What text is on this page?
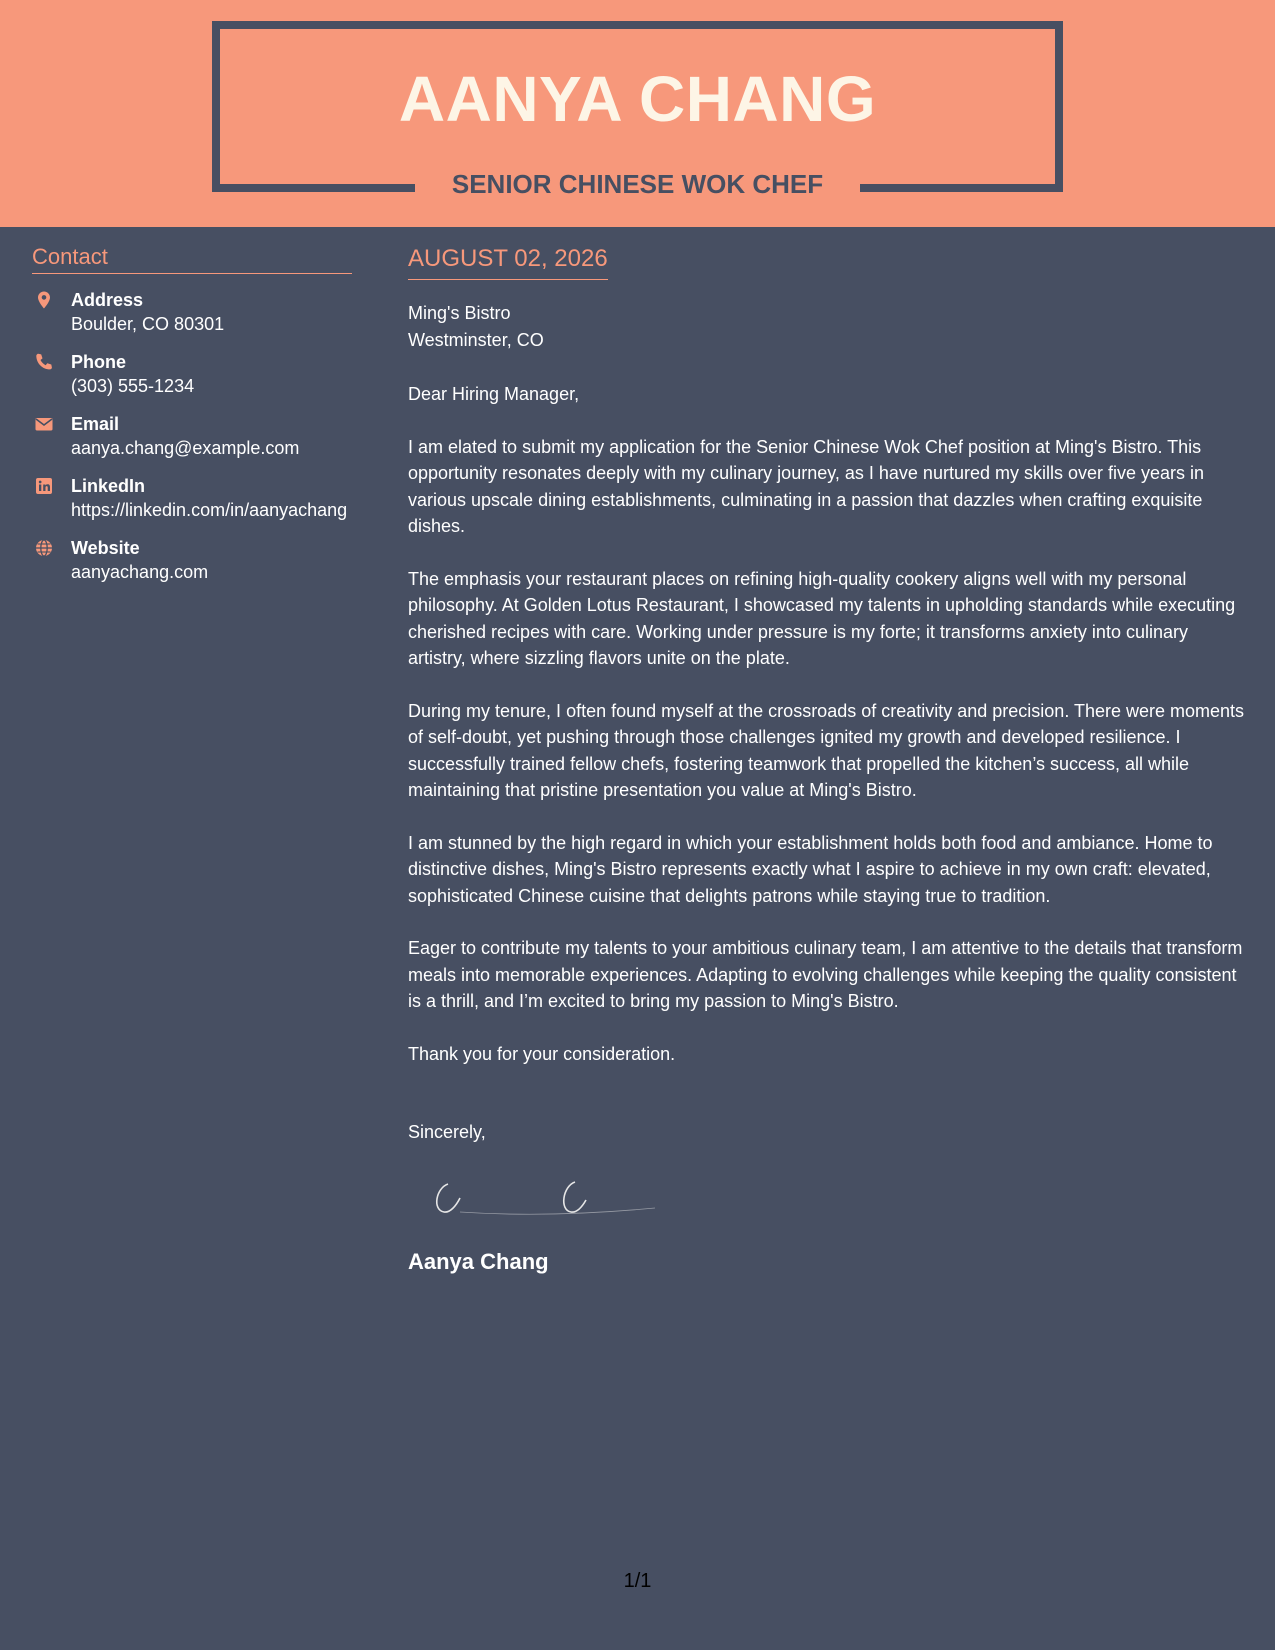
AANYA CHANG
SENIOR CHINESE WOK CHEF
Contact
Address
Boulder, CO 80301
Phone
(303) 555-1234
Email
aanya.chang@example.com
LinkedIn
https://linkedin.com/in/aanyachang
Website
aanyachang.com
AUGUST 02, 2026
Ming's Bistro
Westminster, CO
Dear Hiring Manager,

I am elated to submit my application for the Senior Chinese Wok Chef position at Ming's Bistro. This opportunity resonates deeply with my culinary journey, as I have nurtured my skills over five years in various upscale dining establishments, culminating in a passion that dazzles when crafting exquisite dishes.

The emphasis your restaurant places on refining high-quality cookery aligns well with my personal philosophy. At Golden Lotus Restaurant, I showcased my talents in upholding standards while executing cherished recipes with care. Working under pressure is my forte; it transforms anxiety into culinary artistry, where sizzling flavors unite on the plate.

During my tenure, I often found myself at the crossroads of creativity and precision. There were moments of self-doubt, yet pushing through those challenges ignited my growth and developed resilience. I successfully trained fellow chefs, fostering teamwork that propelled the kitchen’s success, all while maintaining that pristine presentation you value at Ming's Bistro.

I am stunned by the high regard in which your establishment holds both food and ambiance. Home to distinctive dishes, Ming's Bistro represents exactly what I aspire to achieve in my own craft: elevated, sophisticated Chinese cuisine that delights patrons while staying true to tradition.

Eager to contribute my talents to your ambitious culinary team, I am attentive to the details that transform meals into memorable experiences. Adapting to evolving challenges while keeping the quality consistent is a thrill, and I’m excited to bring my passion to Ming's Bistro.

Thank you for your consideration.

Sincerely,
Aanya Chang
1/1
